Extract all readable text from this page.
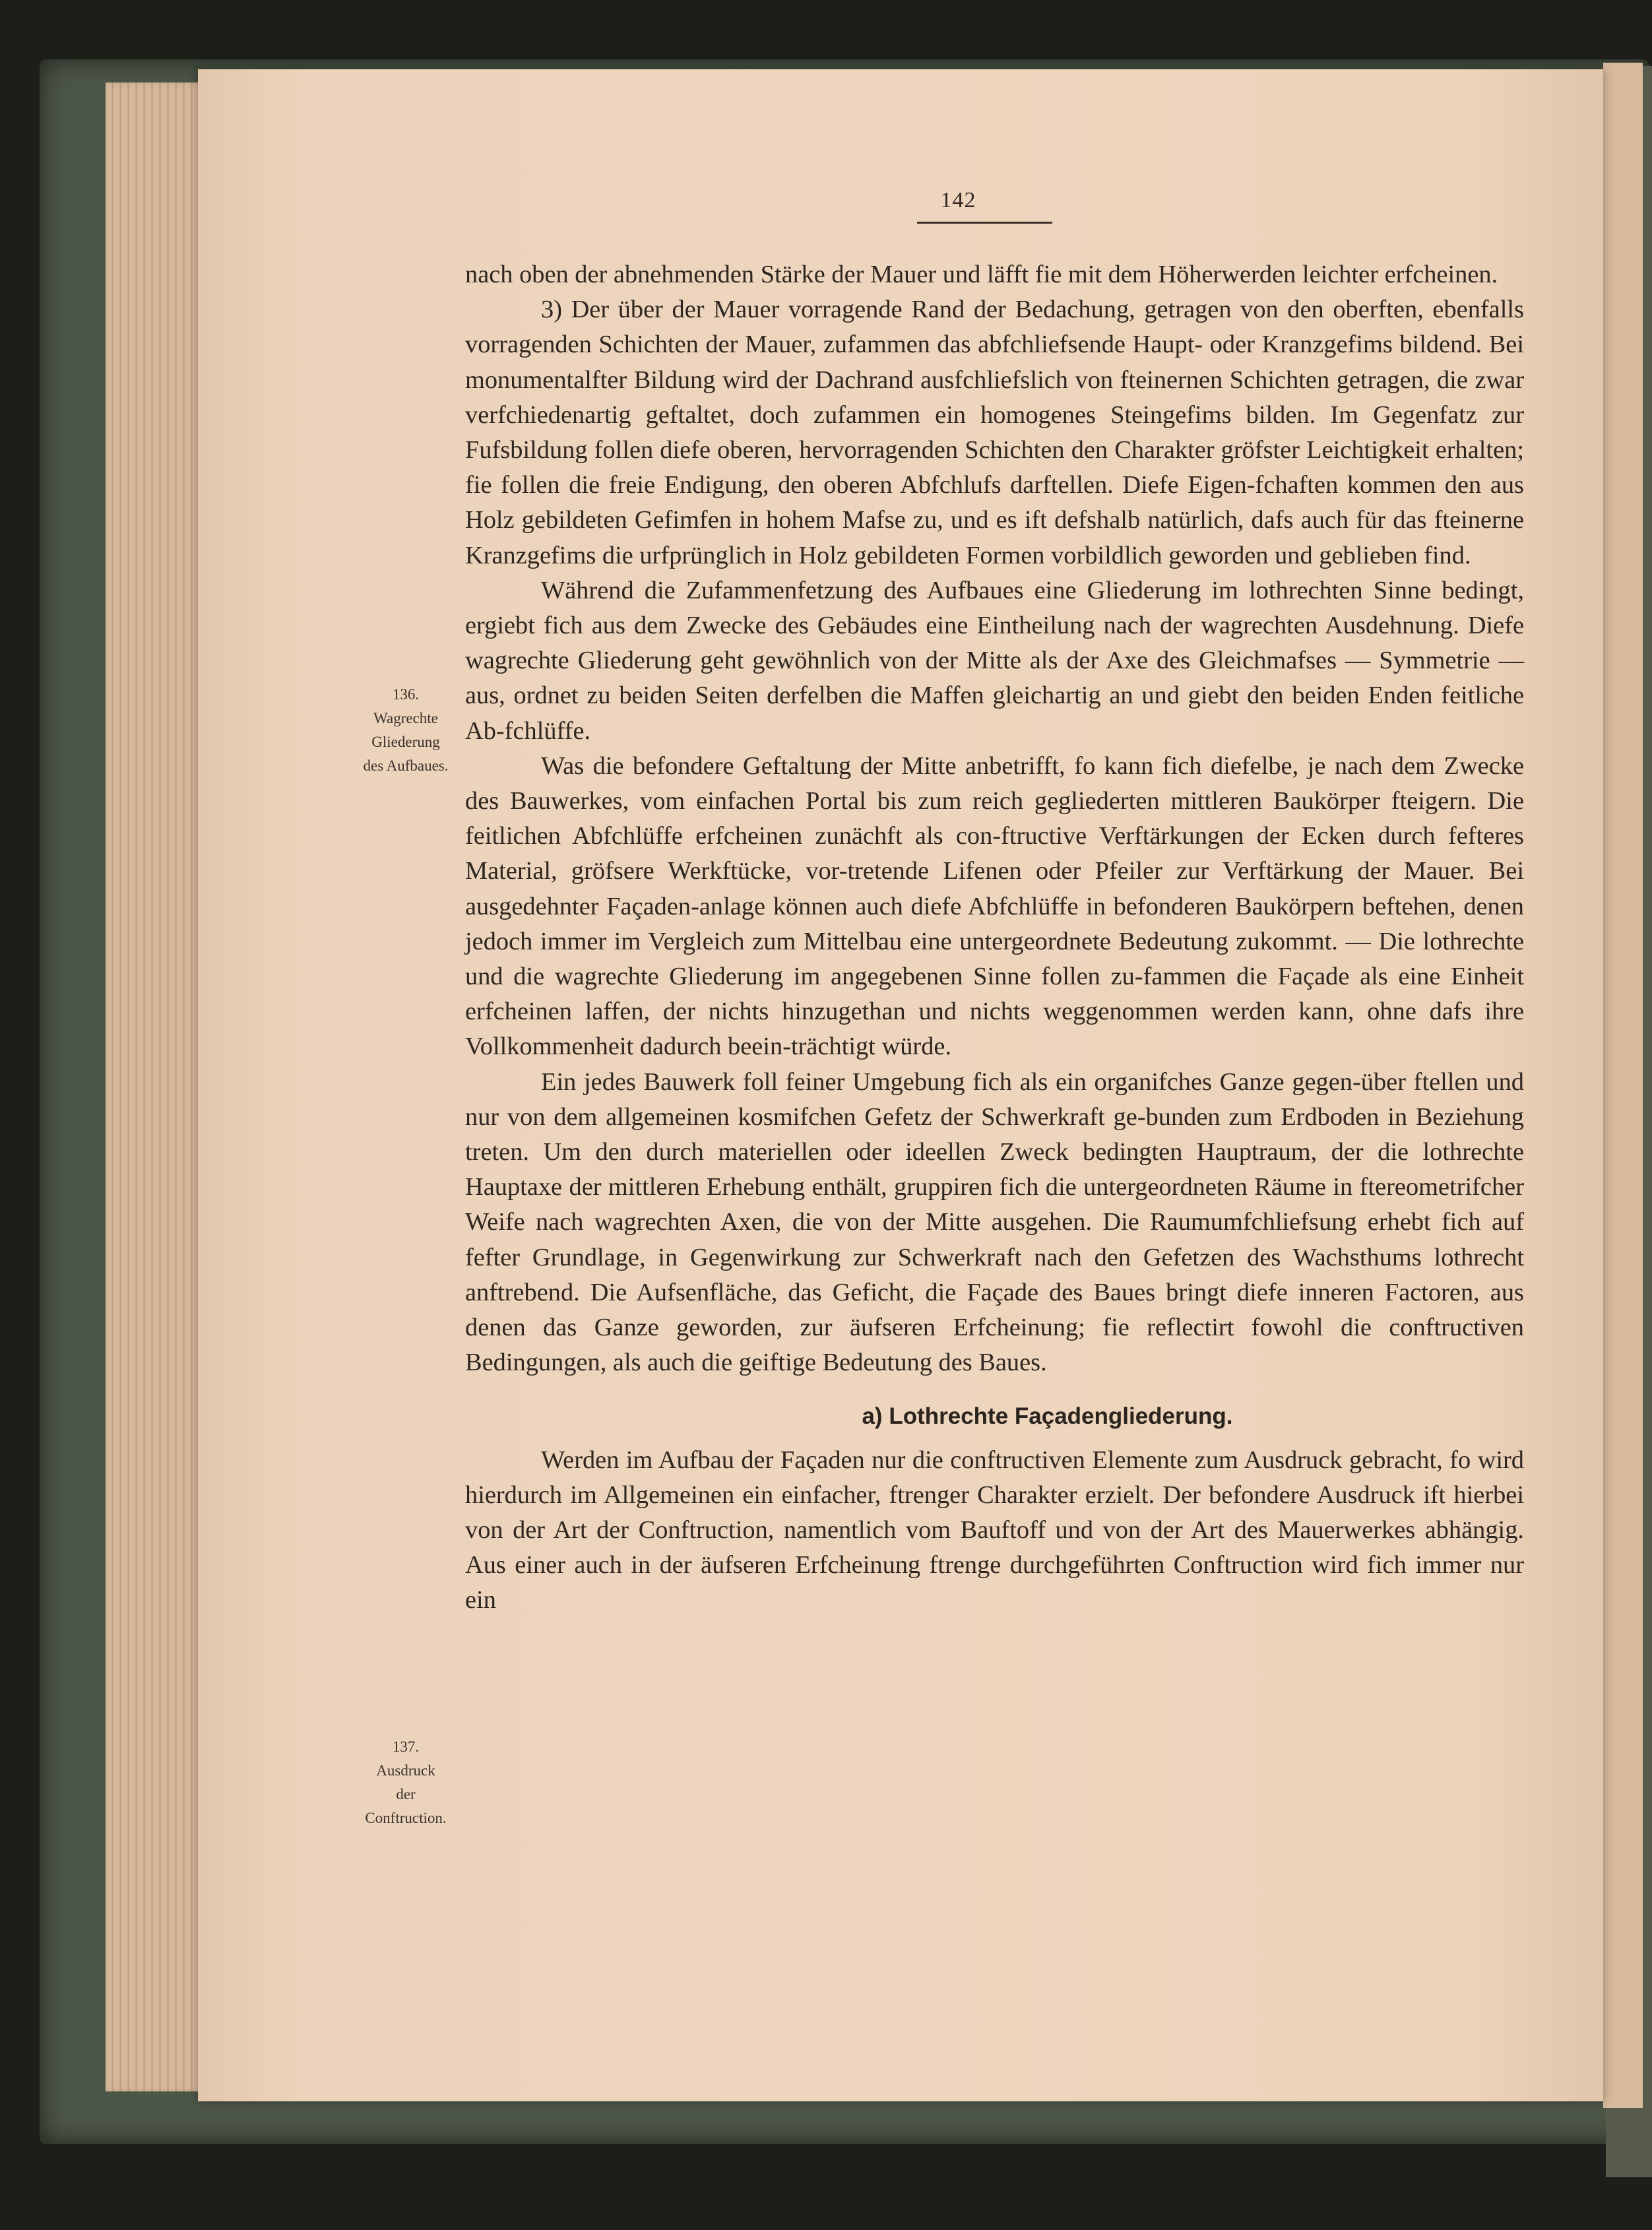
142
136.
Wagrechte
Gliederung
des Aufbaues.
137.
Ausdruck
der
Conftruction.

nach oben der abnehmenden Stärke der Mauer und läfft fie mit dem Höherwerden leichter erfcheinen.

3) Der über der Mauer vorragende Rand der Bedachung, getragen von den oberften, ebenfalls vorragenden Schichten der Mauer, zufammen das abfchliefsende Haupt- oder Kranzgefims bildend. Bei monumentalfter Bildung wird der Dachrand ausfchliefslich von fteinernen Schichten getragen, die zwar verfchiedenartig geftaltet, doch zufammen ein homogenes Steingefims bilden. Im Gegenfatz zur Fufsbildung follen diefe oberen, hervorragenden Schichten den Charakter gröfster Leichtigkeit erhalten; fie follen die freie Endigung, den oberen Abfchlufs darftellen. Diefe Eigen-fchaften kommen den aus Holz gebildeten Gefimfen in hohem Mafse zu, und es ift defshalb natürlich, dafs auch für das fteinerne Kranzgefims die urfprünglich in Holz gebildeten Formen vorbildlich geworden und geblieben find.

Während die Zufammenfetzung des Aufbaues eine Gliederung im lothrechten Sinne bedingt, ergiebt fich aus dem Zwecke des Gebäudes eine Eintheilung nach der wagrechten Ausdehnung. Diefe wagrechte Gliederung geht gewöhnlich von der Mitte als der Axe des Gleichmafses — Symmetrie — aus, ordnet zu beiden Seiten derfelben die Maffen gleichartig an und giebt den beiden Enden feitliche Ab-fchlüffe.

Was die befondere Geftaltung der Mitte anbetrifft, fo kann fich diefelbe, je nach dem Zwecke des Bauwerkes, vom einfachen Portal bis zum reich gegliederten mittleren Baukörper fteigern. Die feitlichen Abfchlüffe erfcheinen zunächft als con-ftructive Verftärkungen der Ecken durch fefteres Material, gröfsere Werkftücke, vor-tretende Lifenen oder Pfeiler zur Verftärkung der Mauer. Bei ausgedehnter Façaden-anlage können auch diefe Abfchlüffe in befonderen Baukörpern beftehen, denen jedoch immer im Vergleich zum Mittelbau eine untergeordnete Bedeutung zukommt. — Die lothrechte und die wagrechte Gliederung im angegebenen Sinne follen zu-fammen die Façade als eine Einheit erfcheinen laffen, der nichts hinzugethan und nichts weggenommen werden kann, ohne dafs ihre Vollkommenheit dadurch beein-trächtigt würde.

Ein jedes Bauwerk foll feiner Umgebung fich als ein organifches Ganze gegen-über ftellen und nur von dem allgemeinen kosmifchen Gefetz der Schwerkraft ge-bunden zum Erdboden in Beziehung treten. Um den durch materiellen oder ideellen Zweck bedingten Hauptraum, der die lothrechte Hauptaxe der mittleren Erhebung enthält, gruppiren fich die untergeordneten Räume in ftereometrifcher Weife nach wagrechten Axen, die von der Mitte ausgehen. Die Raumumfchliefsung erhebt fich auf fefter Grundlage, in Gegenwirkung zur Schwerkraft nach den Gefetzen des Wachsthums lothrecht anftrebend. Die Aufsenfläche, das Geficht, die Façade des Baues bringt diefe inneren Factoren, aus denen das Ganze geworden, zur äufseren Erfcheinung; fie reflectirt fowohl die conftructiven Bedingungen, als auch die geiftige Bedeutung des Baues.

a) Lothrechte Façadengliederung.

Werden im Aufbau der Façaden nur die conftructiven Elemente zum Ausdruck gebracht, fo wird hierdurch im Allgemeinen ein einfacher, ftrenger Charakter erzielt. Der befondere Ausdruck ift hierbei von der Art der Conftruction, namentlich vom Bauftoff und von der Art des Mauerwerkes abhängig. Aus einer auch in der äufseren Erfcheinung ftrenge durchgeführten Conftruction wird fich immer nur ein
